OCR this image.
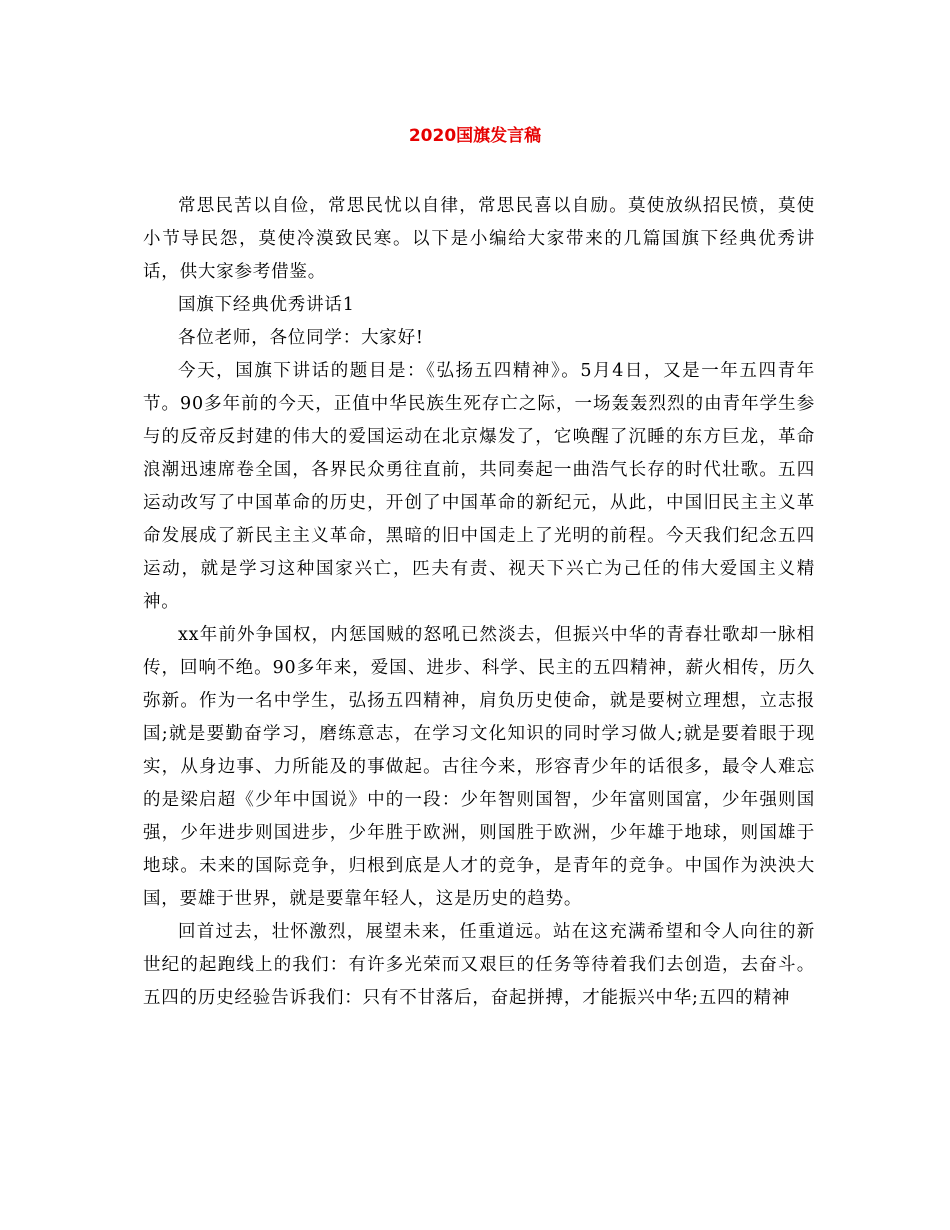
2020国旗发言稿

常思民苦以自俭，常思民忧以自律，常思民喜以自励。莫使放纵招民愤，莫使小节导民怨，莫使冷漠致民寒。以下是小编给大家带来的几篇国旗下经典优秀讲话，供大家参考借鉴。

国旗下经典优秀讲话1

各位老师，各位同学：大家好!

今天，国旗下讲话的题目是：《弘扬五四精神》。5月4日，又是一年五四青年节。90多年前的今天，正值中华民族生死存亡之际，一场轰轰烈烈的由青年学生参与的反帝反封建的伟大的爱国运动在北京爆发了，它唤醒了沉睡的东方巨龙，革命浪潮迅速席卷全国，各界民众勇往直前，共同奏起一曲浩气长存的时代壮歌。五四运动改写了中国革命的历史，开创了中国革命的新纪元，从此，中国旧民主主义革命发展成了新民主主义革命，黑暗的旧中国走上了光明的前程。今天我们纪念五四运动，就是学习这种国家兴亡，匹夫有责、视天下兴亡为己任的伟大爱国主义精神。

xx年前外争国权，内惩国贼的怒吼已然淡去，但振兴中华的青春壮歌却一脉相传，回响不绝。90多年来，爱国、进步、科学、民主的五四精神，薪火相传，历久弥新。作为一名中学生，弘扬五四精神，肩负历史使命，就是要树立理想，立志报国;就是要勤奋学习，磨练意志，在学习文化知识的同时学习做人;就是要着眼于现实，从身边事、力所能及的事做起。古往今来，形容青少年的话很多，最令人难忘的是梁启超《少年中国说》中的一段：少年智则国智，少年富则国富，少年强则国强，少年进步则国进步，少年胜于欧洲，则国胜于欧洲，少年雄于地球，则国雄于地球。未来的国际竞争，归根到底是人才的竞争，是青年的竞争。中国作为泱泱大国，要雄于世界，就是要靠年轻人，这是历史的趋势。

回首过去，壮怀激烈，展望未来，任重道远。站在这充满希望和令人向往的新世纪的起跑线上的我们：有许多光荣而又艰巨的任务等待着我们去创造，去奋斗。五四的历史经验告诉我们：只有不甘落后，奋起拼搏，才能振兴中华;五四的精神
